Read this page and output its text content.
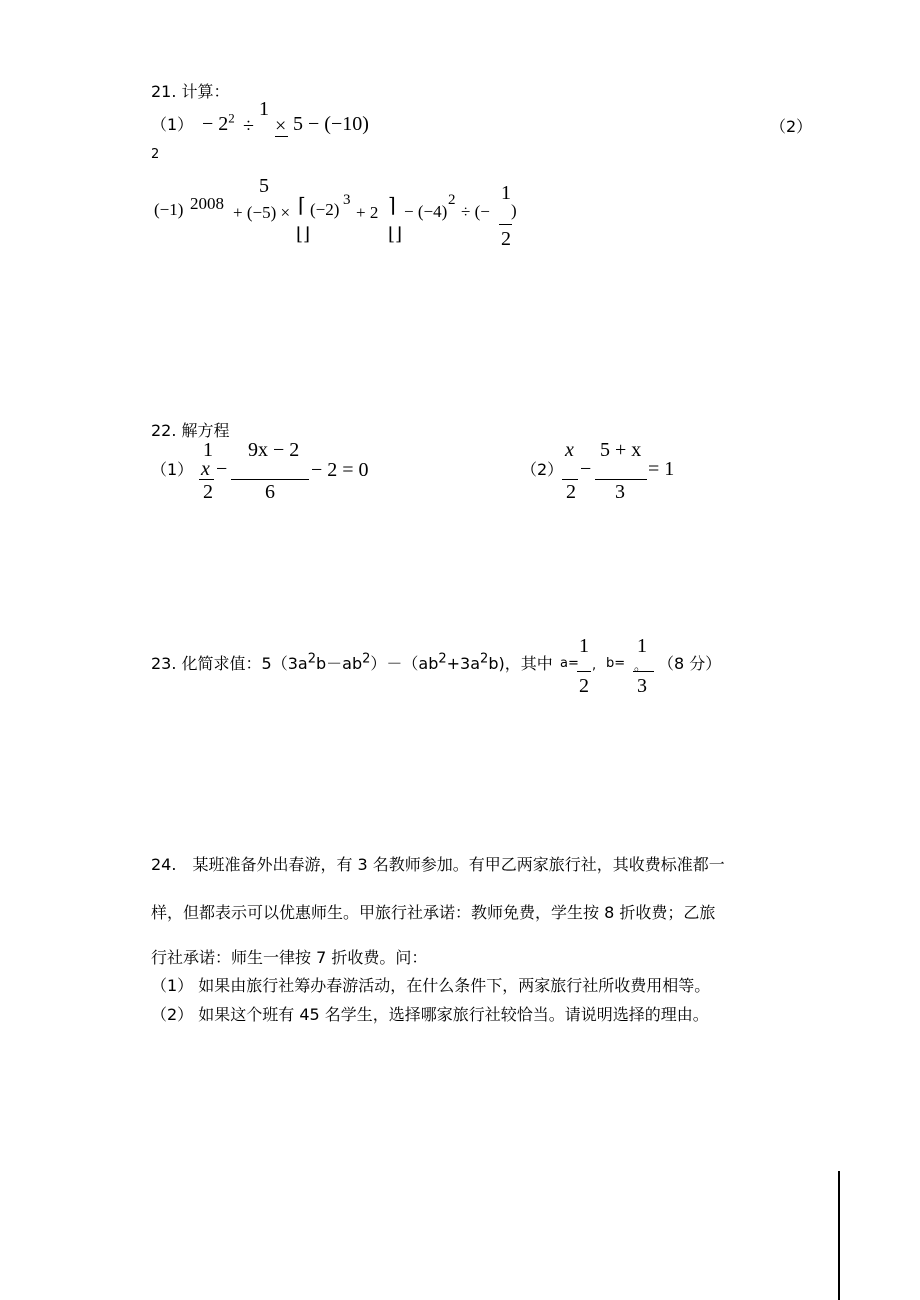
21. 计算：
$(1) - 2^2$ ÷
1
× 5 − (−10)
2
（2）
5
(−1) 2008 + (−5) × ⌈ (−2) 3
+ 2 ⌉ − (−4)
2
÷ (−
1
)
2
⌊⌋	⌊⌋
22. 解方程
（1）
1
x
2
−
9x − 2
6
− 2 = 0	（2）
x
2
−
5 + x
3
= 1
23. 化简求值：$5(3a^2b-ab^2)-(ab^2+3a^2b)$，其中 a=
1
,
2
b=
1
。
3
（8 分）
24.　某班准备外出春游，有 3 名教师参加。有甲乙两家旅行社，其收费标准都一
样，但都表示可以优惠师生。甲旅行社承诺：教师免费，学生按 8 折收费；乙旅
行社承诺：师生一律按 7 折收费。问：
（1） 如果由旅行社筹办春游活动，在什么条件下，两家旅行社所收费用相等。
（2） 如果这个班有 45 名学生，选择哪家旅行社较恰当。请说明选择的理由。
